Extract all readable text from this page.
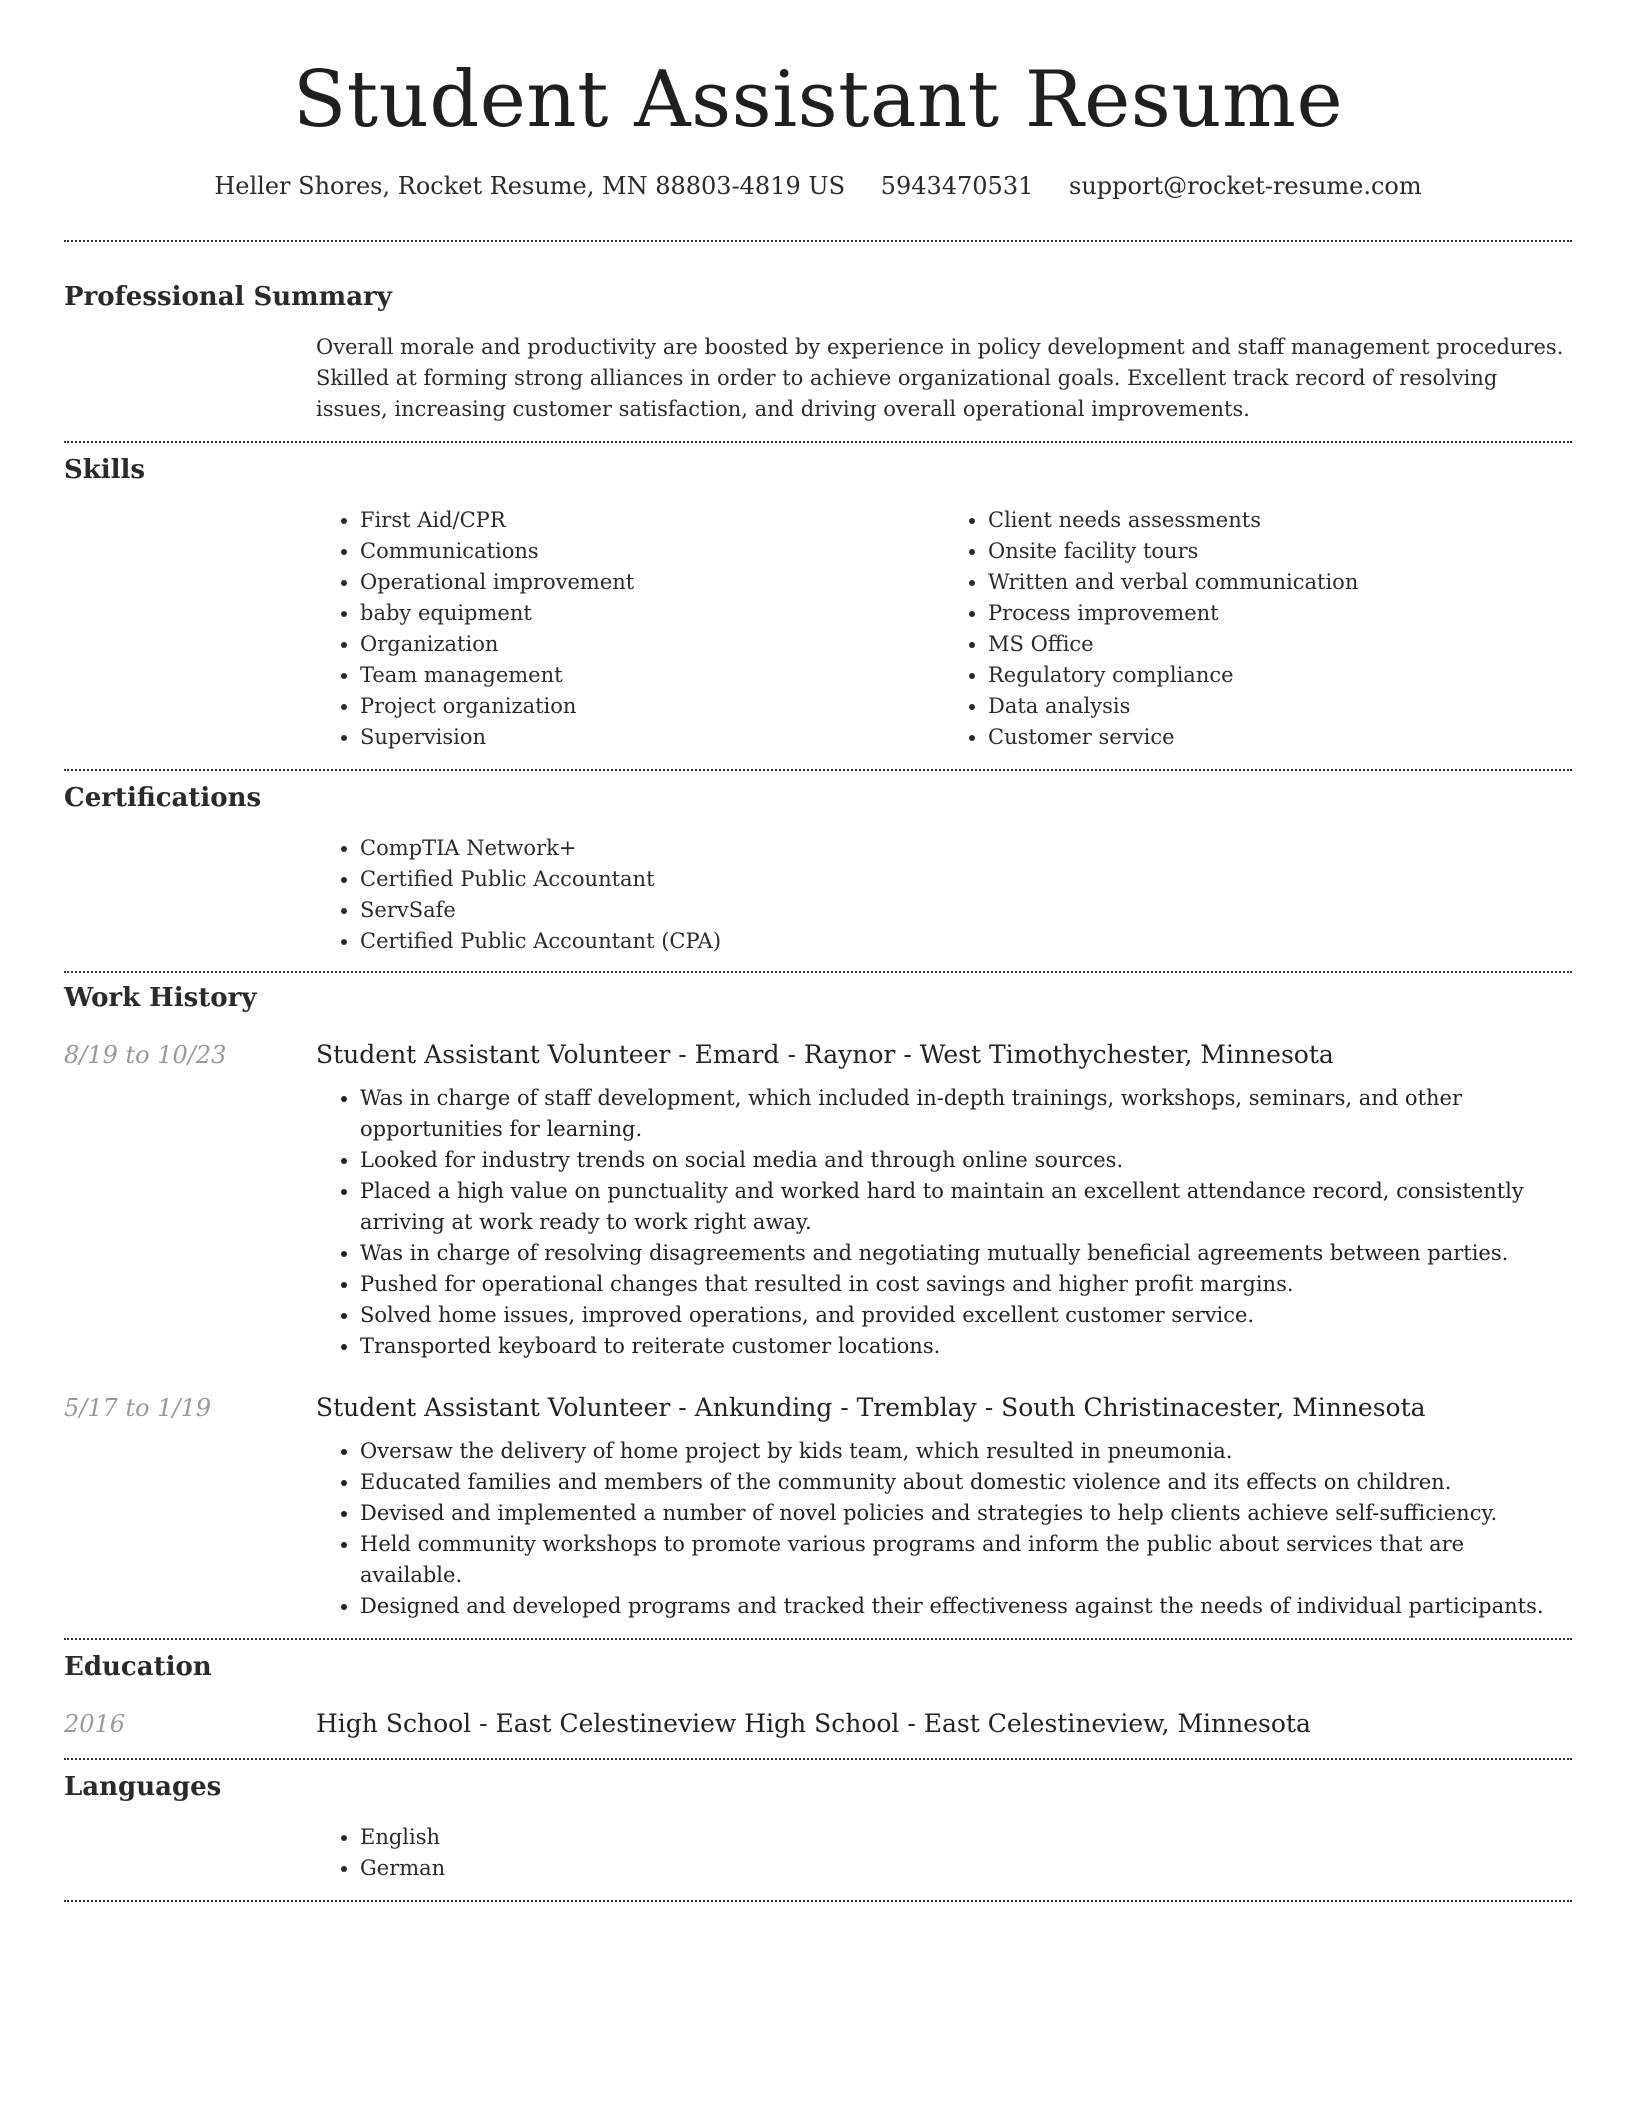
Student Assistant Resume
Heller Shores, Rocket Resume, MN 88803-4819 US 5943470531 support@rocket-resume.com
Professional Summary

Overall morale and productivity are boosted by experience in policy development and staff management procedures. Skilled at forming strong alliances in order to achieve organizational goals. Excellent track record of resolving issues, increasing customer satisfaction, and driving overall operational improvements.

Skills
• First Aid/CPR
• Communications
• Operational improvement
• baby equipment
• Organization
• Team management
• Project organization
• Supervision
• Client needs assessments
• Onsite facility tours
• Written and verbal communication
• Process improvement
• MS Office
• Regulatory compliance
• Data analysis
• Customer service
Certifications
• CompTIA Network+
• Certified Public Accountant
• ServSafe
• Certified Public Accountant (CPA)
Work History
8/19 to 10/23	Student Assistant Volunteer - Emard - Raynor - West Timothychester, Minnesota
• Was in charge of staff development, which included in-depth trainings, workshops, seminars, and other opportunities for learning.
• Looked for industry trends on social media and through online sources.
• Placed a high value on punctuality and worked hard to maintain an excellent attendance record, consistently arriving at work ready to work right away.
• Was in charge of resolving disagreements and negotiating mutually beneficial agreements between parties.
• Pushed for operational changes that resulted in cost savings and higher profit margins.
• Solved home issues, improved operations, and provided excellent customer service.
• Transported keyboard to reiterate customer locations.
5/17 to 1/19	Student Assistant Volunteer - Ankunding - Tremblay - South Christinacester, Minnesota
• Oversaw the delivery of home project by kids team, which resulted in pneumonia.
• Educated families and members of the community about domestic violence and its effects on children.
• Devised and implemented a number of novel policies and strategies to help clients achieve self-sufficiency.
• Held community workshops to promote various programs and inform the public about services that are available.
• Designed and developed programs and tracked their effectiveness against the needs of individual participants.
Education
2016	High School - East Celestineview High School - East Celestineview, Minnesota
Languages
• English
• German
